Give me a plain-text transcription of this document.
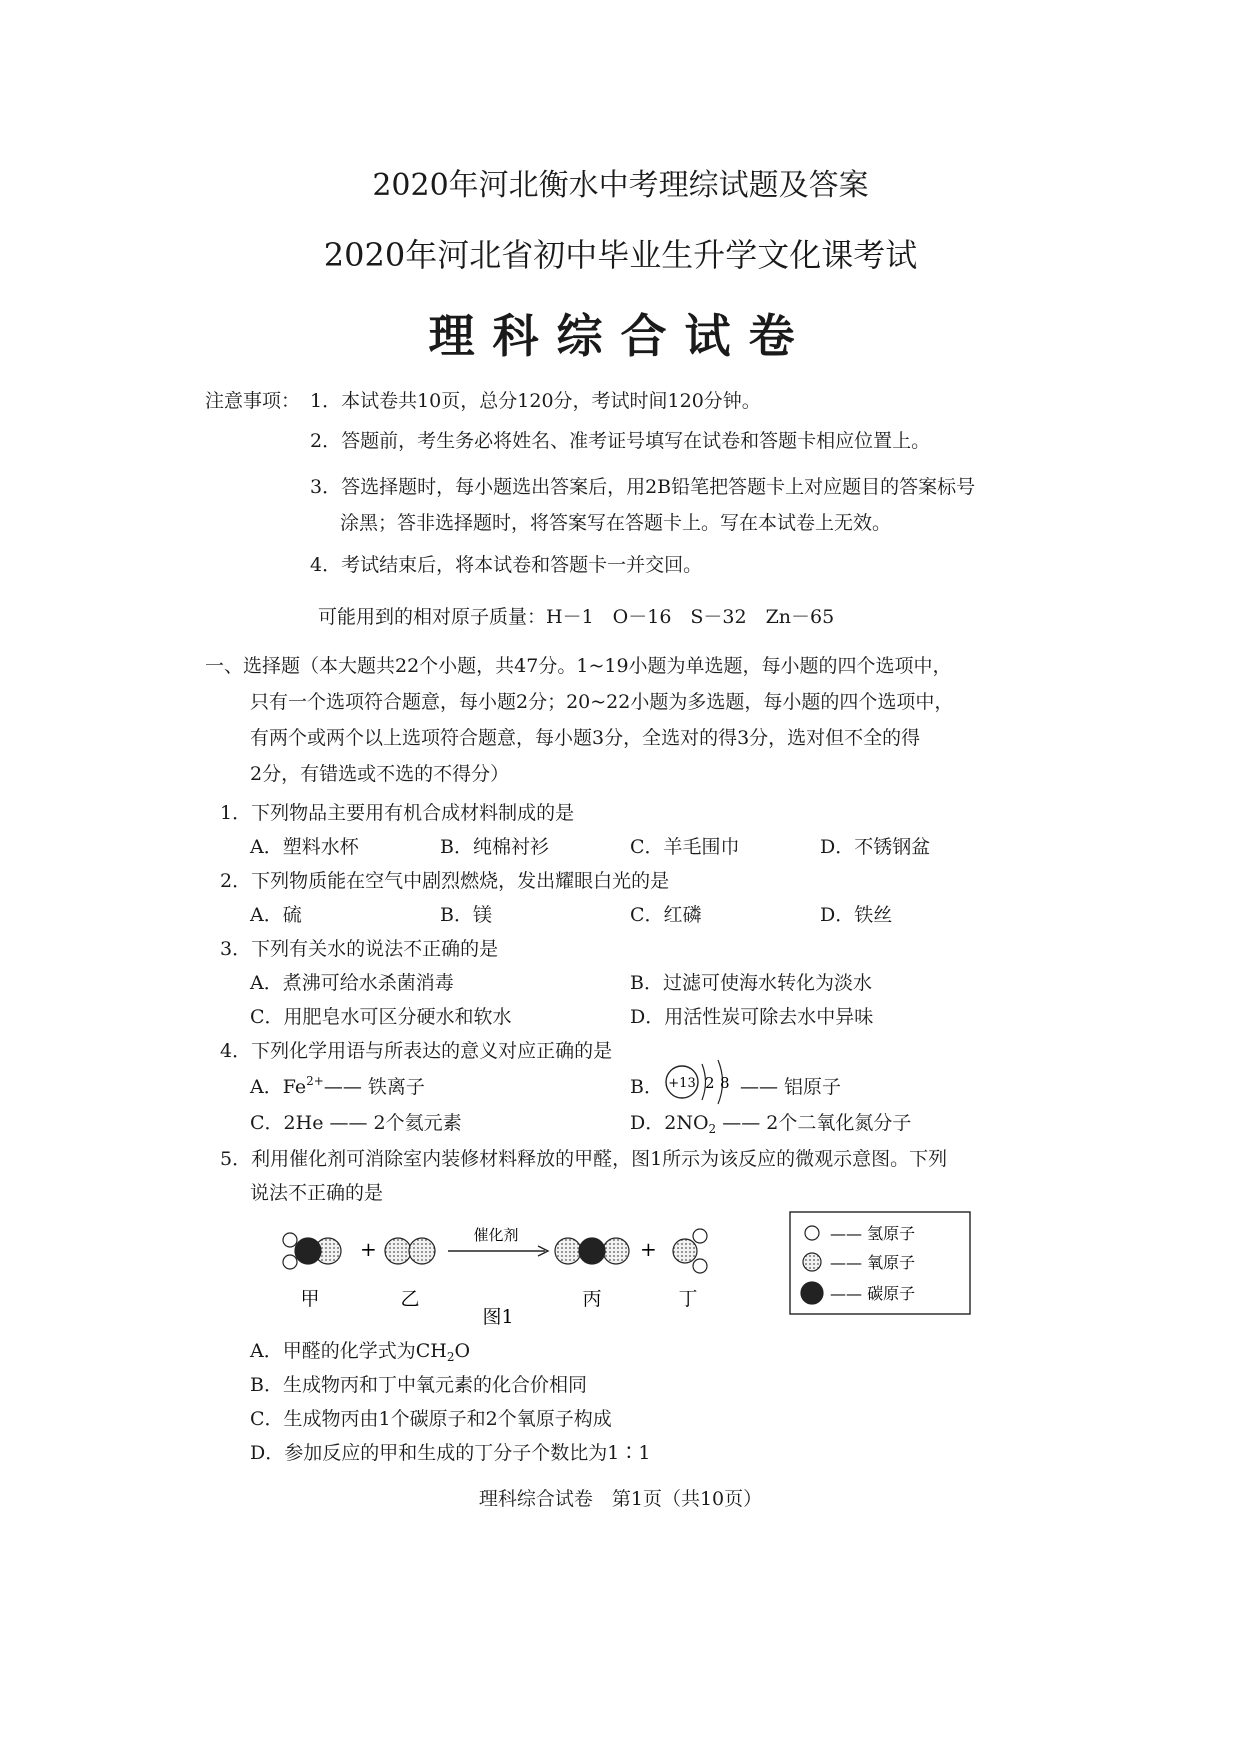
2020年河北衡水中考理综试题及答案
2020年河北省初中毕业生升学文化课考试
理科综合试卷
注意事项： 1．本试卷共10页，总分120分，考试时间120分钟。
2．答题前，考生务必将姓名、准考证号填写在试卷和答题卡相应位置上。
3．答选择题时，每小题选出答案后，用2B铅笔把答题卡上对应题目的答案标号
涂黑；答非选择题时，将答案写在答题卡上。写在本试卷上无效。
4．考试结束后，将本试卷和答题卡一并交回。
可能用到的相对原子质量：H－1　O－16　S－32　Zn－65
一、选择题（本大题共22个小题，共47分。1~19小题为单选题，每小题的四个选项中，
只有一个选项符合题意，每小题2分；20~22小题为多选题，每小题的四个选项中，
有两个或两个以上选项符合题意，每小题3分，全选对的得3分，选对但不全的得
2分，有错选或不选的不得分）
1．下列物品主要用有机合成材料制成的是
A．塑料水杯	B．纯棉衬衫	C．羊毛围巾	D．不锈钢盆
2．下列物质能在空气中剧烈燃烧，发出耀眼白光的是
A．硫	B．镁	C．红磷	D．铁丝
3．下列有关水的说法不正确的是
A．煮沸可给水杀菌消毒	B．过滤可使海水转化为淡水
C．用肥皂水可区分硬水和软水	D．用活性炭可除去水中异味
4．下列化学用语与所表达的意义对应正确的是
A．$Fe^{2+}——$ 铁离子	B． +13 2 8 —— 铝原子
C．2He —— 2个氦元素	D．$2NO_2$ —— 2个二氧化氮分子
5．利用催化剂可消除室内装修材料释放的甲醛，图1所示为该反应的微观示意图。下列
说法不正确的是
+
催化剂
+
甲	乙	丙	丁
图1
—— 氢原子
—— 氧原子
—— 碳原子
A．甲醛的化学式为$CH_2O$
B．生成物丙和丁中氧元素的化合价相同
C．生成物丙由1个碳原子和2个氧原子构成
D．参加反应的甲和生成的丁分子个数比为1∶1
理科综合试卷　第1页（共10页）
